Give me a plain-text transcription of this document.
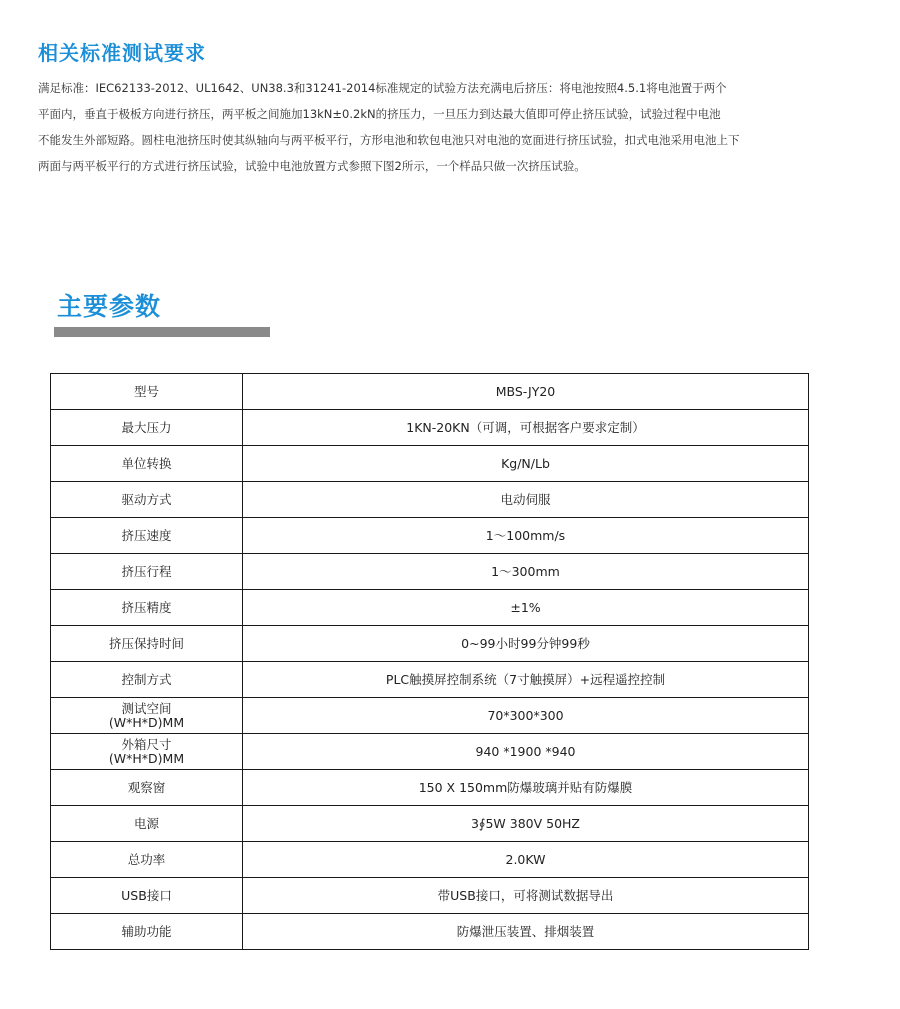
相关标准测试要求
满足标准：IEC62133-2012、UL1642、UN38.3和31241-2014标准规定的试验方法充满电后挤压：将电池按照4.5.1将电池置于两个
平面内，垂直于极板方向进行挤压，两平板之间施加13kN±0.2kN的挤压力，一旦压力到达最大值即可停止挤压试验，试验过程中电池
不能发生外部短路。圆柱电池挤压时使其纵轴向与两平板平行，方形电池和软包电池只对电池的宽面进行挤压试验，扣式电池采用电池上下
两面与两平板平行的方式进行挤压试验，试验中电池放置方式参照下图2所示，一个样品只做一次挤压试验。
主要参数
型号	MBS-JY20
最大压力	1KN-20KN（可调，可根据客户要求定制）
单位转换	Kg/N/Lb
驱动方式	电动伺服
挤压速度	1～100mm/s
挤压行程	1～300mm
挤压精度	±1%
挤压保持时间	0~99小时99分钟99秒
控制方式	PLC触摸屏控制系统（7寸触摸屏）+远程遥控控制

测试空间
(W*H*D)MM	70*300*300

外箱尺寸
(W*H*D)MM	940 *1900 *940
观察窗	150 X 150mm防爆玻璃并贴有防爆膜
电源	3∮5W 380V 50HZ
总功率	2.0KW
USB接口	带USB接口，可将测试数据导出
辅助功能	防爆泄压装置、排烟装置
